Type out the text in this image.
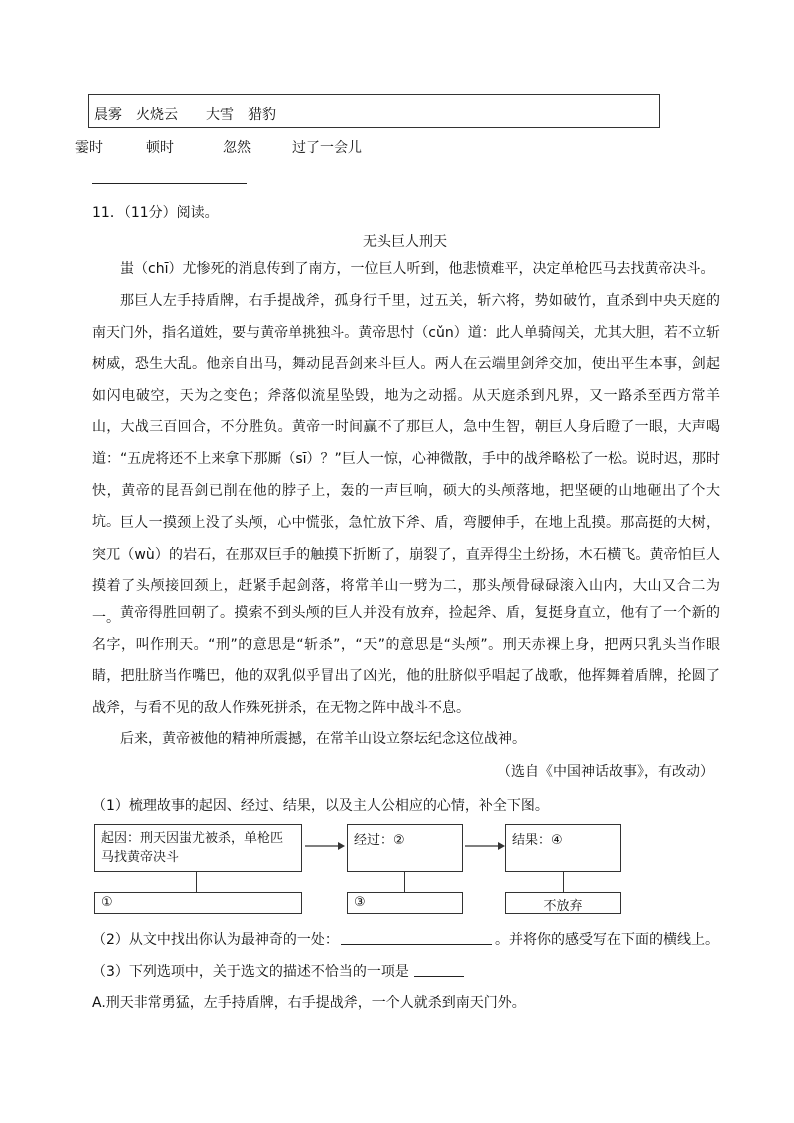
晨雾 火烧云 大雪 猎豹
霎时	顿时	忽然	过了一会儿
11．（11分）阅读。
无头巨人刑天
蚩（chī）尤惨死的消息传到了南方，一位巨人听到，他悲愤难平，决定单枪匹马去找黄帝决斗。
那巨人左手持盾牌，右手提战斧，孤身行千里，过五关，斩六将，势如破竹，直杀到中央天庭的南天门外，指名道姓，要与黄帝单挑独斗。黄帝思忖（cǔn）道：此人单骑闯关，尤其大胆，若不立斩树威，恐生大乱。他亲自出马，舞动昆吾剑来斗巨人。两人在云端里剑斧交加，使出平生本事，剑起如闪电破空，天为之变色；斧落似流星坠毁，地为之动摇。从天庭杀到凡界，又一路杀至西方常羊山，大战三百回合，不分胜负。黄帝一时间赢不了那巨人，急中生智，朝巨人身后瞪了一眼，大声喝道：“五虎将还不上来拿下那厮（sī）？”巨人一惊，心神微散，手中的战斧略松了一松。说时迟，那时快，黄帝的昆吾剑已削在他的脖子上，轰的一声巨响，硕大的头颅落地，把坚硬的山地砸出了个大坑。 巨人一摸颈上没了头颅，心中慌张，急忙放下斧、盾，弯腰伸手，在地上乱摸。那高挺的大树，突兀（wù）的岩石，在那双巨手的触摸下折断了，崩裂了，直弄得尘土纷扬，木石横飞。黄帝怕巨人摸着了头颅接回颈上，赶紧手起剑落，将常羊山一劈为二，那头颅骨碌碌滚入山内，大山又合二为一。 黄帝得胜回朝了。摸索不到头颅的巨人并没有放弃，捡起斧、盾，复挺身直立，他有了一个新的名字，叫作刑天。“刑”的意思是“斩杀”，“天”的意思是“头颅”。刑天赤裸上身，把两只乳头当作眼睛，把肚脐当作嘴巴，他的双乳似乎冒出了凶光，他的肚脐似乎唱起了战歌，他挥舞着盾牌，抡圆了战斧，与看不见的敌人作殊死拼杀，在无物之阵中战斗不息。
后来，黄帝被他的精神所震撼，在常羊山设立祭坛纪念这位战神。
（选自《中国神话故事》，有改动）
（1）梳理故事的起因、经过、结果，以及主人公相应的心情，补全下图。
起因：刑天因蚩尤被杀，单枪匹马找黄帝决斗
经过：②	结果：④
①	③	不放弃
（2）从文中找出你认为最神奇的一处：	。并将你的感受写在下面的横线上。
（3）下列选项中，关于选文的描述不恰当的一项是
A.刑天非常勇猛，左手持盾牌，右手提战斧，一个人就杀到南天门外。
